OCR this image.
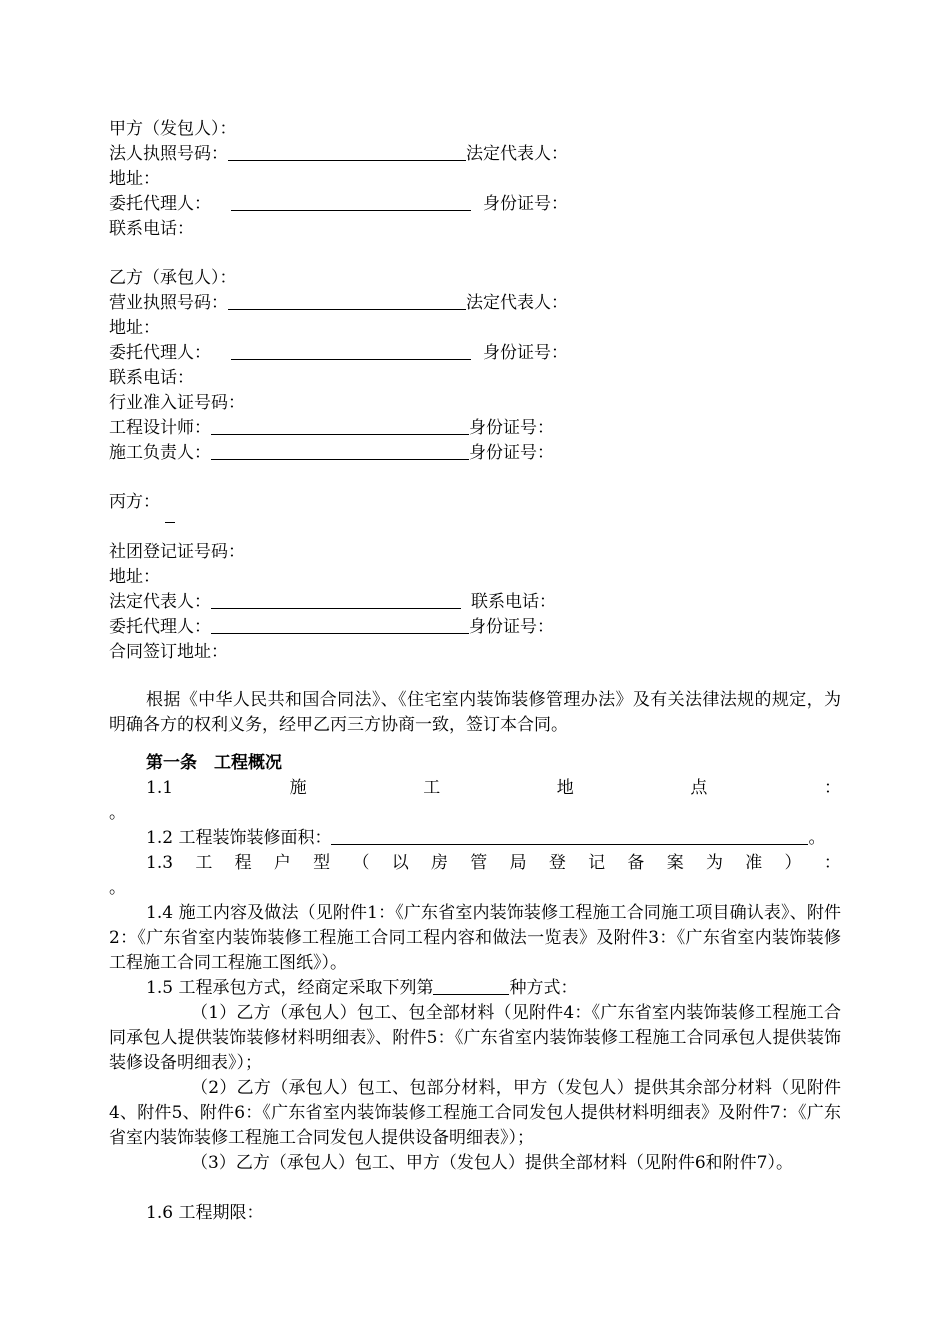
甲方（发包人）：
法人执照号码：	法定代表人：
地址：
委托代理人：	身份证号：
联系电话：
乙方（承包人）：
营业执照号码：	法定代表人：
地址：
委托代理人：	身份证号：
联系电话：
行业准入证号码：
工程设计师：	身份证号：
施工负责人：	身份证号：
丙方：
社团登记证号码：
地址：
法定代表人：	联系电话：
委托代理人：	身份证号：
合同签订地址：
根据《中华人民共和国合同法》、《住宅室内装饰装修管理办法》及有关法律法规的规定，为明确各方的权利义务，经甲乙丙三方协商一致，签订本合同。
第一条　工程概况
1.1	施	工	地	点	：
。
1.2 工程装饰装修面积：	。
1.3 工 程 户 型 （ 以 房 管 局 登 记 备 案 为 准 ） ：
。
1.4 施工内容及做法（见附件1：《广东省室内装饰装修工程施工合同施工项目确认表》、附件2：《广东省室内装饰装修工程施工合同工程内容和做法一览表》及附件3：《广东省室内装饰装修工程施工合同工程施工图纸》）。
1.5 工程承包方式，经商定采取下列第	种方式：
（1）乙方（承包人）包工、包全部材料（见附件4：《广东省室内装饰装修工程施工合同承包人提供装饰装修材料明细表》、附件5：《广东省室内装饰装修工程施工合同承包人提供装饰装修设备明细表》）；
（2）乙方（承包人）包工、包部分材料，甲方（发包人）提供其余部分材料（见附件4、附件5、附件6：《广东省室内装饰装修工程施工合同发包人提供材料明细表》及附件7：《广东省室内装饰装修工程施工合同发包人提供设备明细表》）；
（3）乙方（承包人）包工、甲方（发包人）提供全部材料（见附件6和附件7）。
1.6 工程期限：
